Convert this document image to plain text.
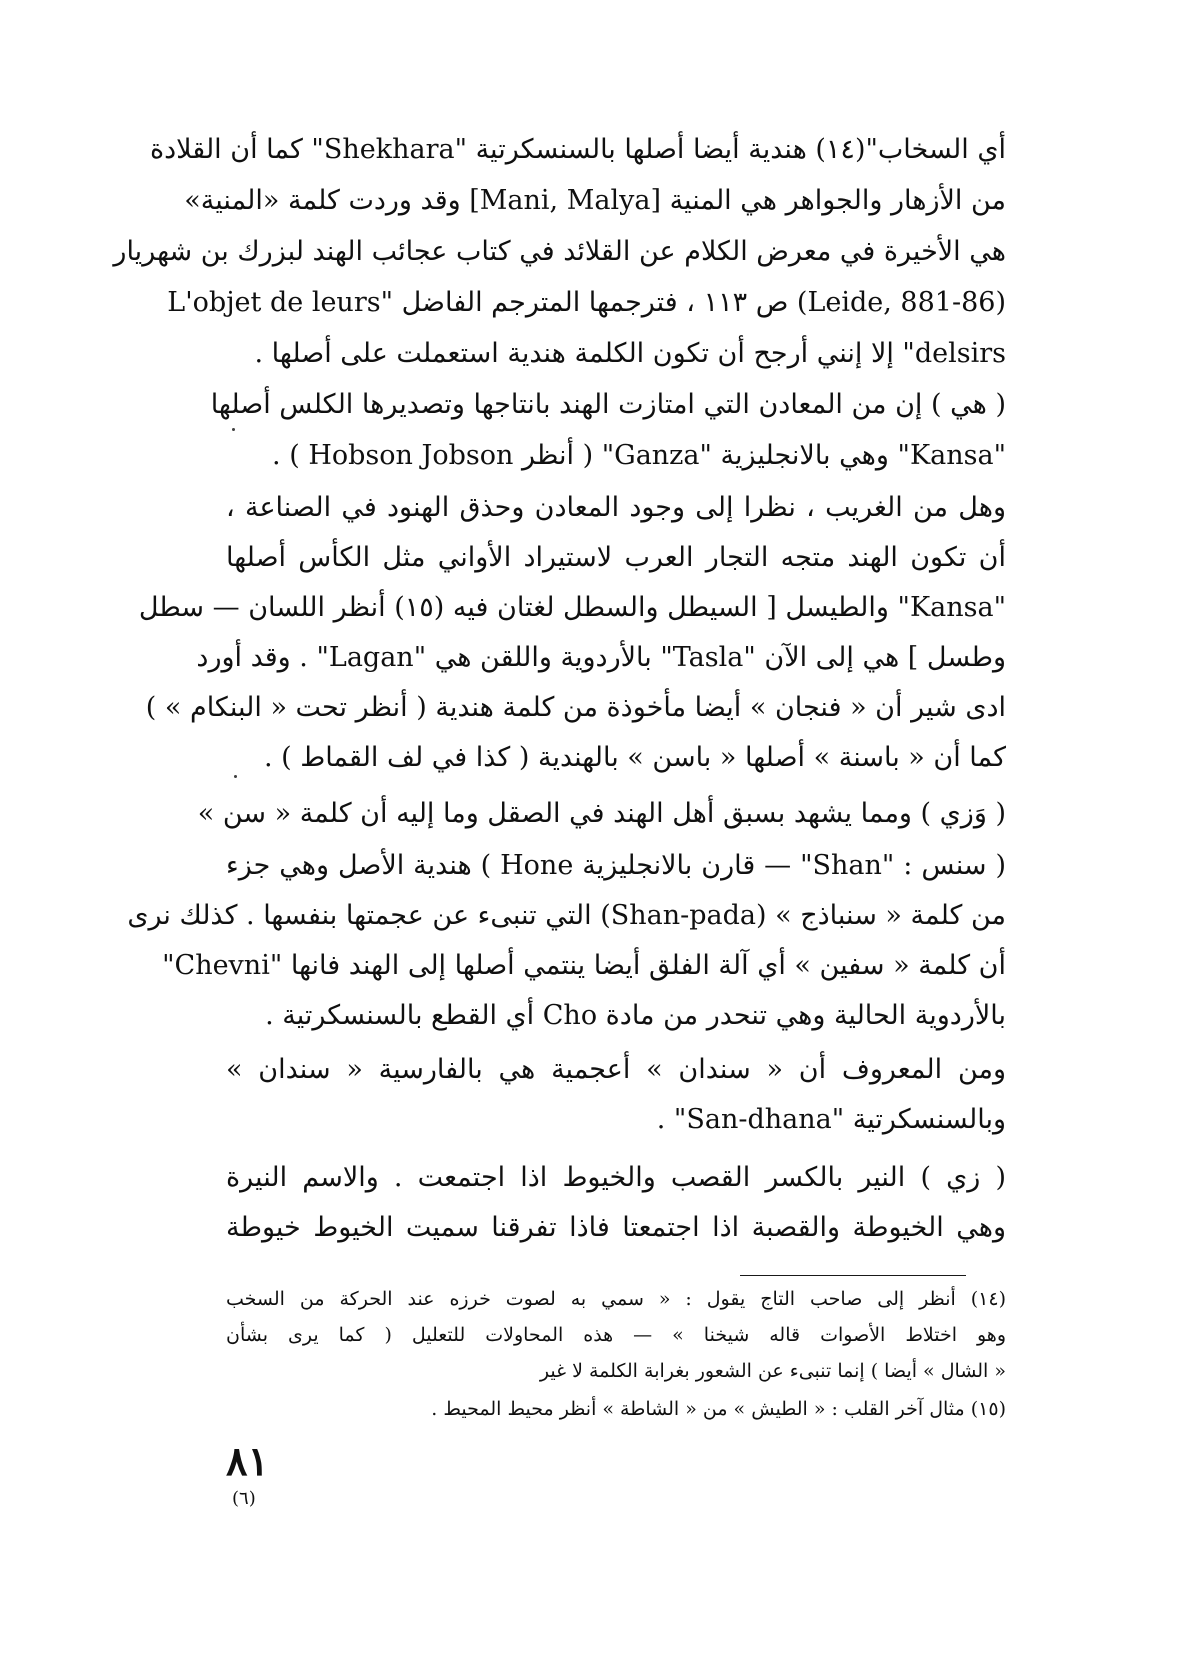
أي السخاب"(١٤) هندية أيضا أصلها بالسنسكرتية "Shekhara" كما أن القلادة
من الأزهار والجواهر هي المنية [Mani, Malya] وقد وردت كلمة «المنية»
هي الأخيرة في معرض الكلام عن القلائد في كتاب عجائب الهند لبزرك بن شهريار
(Leide, 881-86) ص ١١٣ ، فترجمها المترجم الفاضل "L'objet de leurs
delsirs" إلا إنني أرجح أن تكون الكلمة هندية استعملت على أصلها .
( هي ) إن من المعادن التي امتازت الهند بانتاجها وتصديرها الكلس أصلها
"Kansa" وهي بالانجليزية "Ganza" ( أنظر Hobson Jobson ) .
وهل من الغريب ، نظرا إلى وجود المعادن وحذق الهنود في الصناعة ،
أن تكون الهند متجه التجار العرب لاستيراد الأواني مثل الكأس أصلها
"Kansa" والطيسل [ السيطل والسطل لغتان فيه (١٥) أنظر اللسان — سطل
وطسل ] هي إلى الآن "Tasla" بالأردوية واللقن هي "Lagan" . وقد أورد
ادى شير أن « فنجان » أيضا مأخوذة من كلمة هندية ( أنظر تحت « البنكام » )
كما أن « باسنة » أصلها « باسن » بالهندية ( كذا في لف القماط ) .
( وَزي ) ومما يشهد بسبق أهل الهند في الصقل وما إليه أن كلمة « سن »
( سنس : "Shan" — قارن بالانجليزية Hone ) هندية الأصل وهي جزء
من كلمة « سنباذج » (Shan-pada) التي تنبىء عن عجمتها بنفسها . كذلك نرى
أن كلمة « سفين » أي آلة الفلق أيضا ينتمي أصلها إلى الهند فانها "Chevni"
بالأردوية الحالية وهي تنحدر من مادة Cho أي القطع بالسنسكرتية .
ومن المعروف أن « سندان » أعجمية هي بالفارسية « سندان »
وبالسنسكرتية "San-dhana" .
( زي ) النير بالكسر القصب والخيوط اذا اجتمعت . والاسم النيرة
وهي الخيوطة والقصبة اذا اجتمعتا فاذا تفرقنا سميت الخيوط خيوطة
(١٤) أنظر إلى صاحب التاج يقول : « سمي به لصوت خرزه عند الحركة من السخب
وهو اختلاط الأصوات قاله شيخنا » — هذه المحاولات للتعليل ( كما يرى بشأن
« الشال » أيضا ) إنما تنبىء عن الشعور بغرابة الكلمة لا غير
(١٥) مثال آخر القلب : « الطيش » من « الشاطة » أنظر محيط المحيط .
٨١
(٦)
